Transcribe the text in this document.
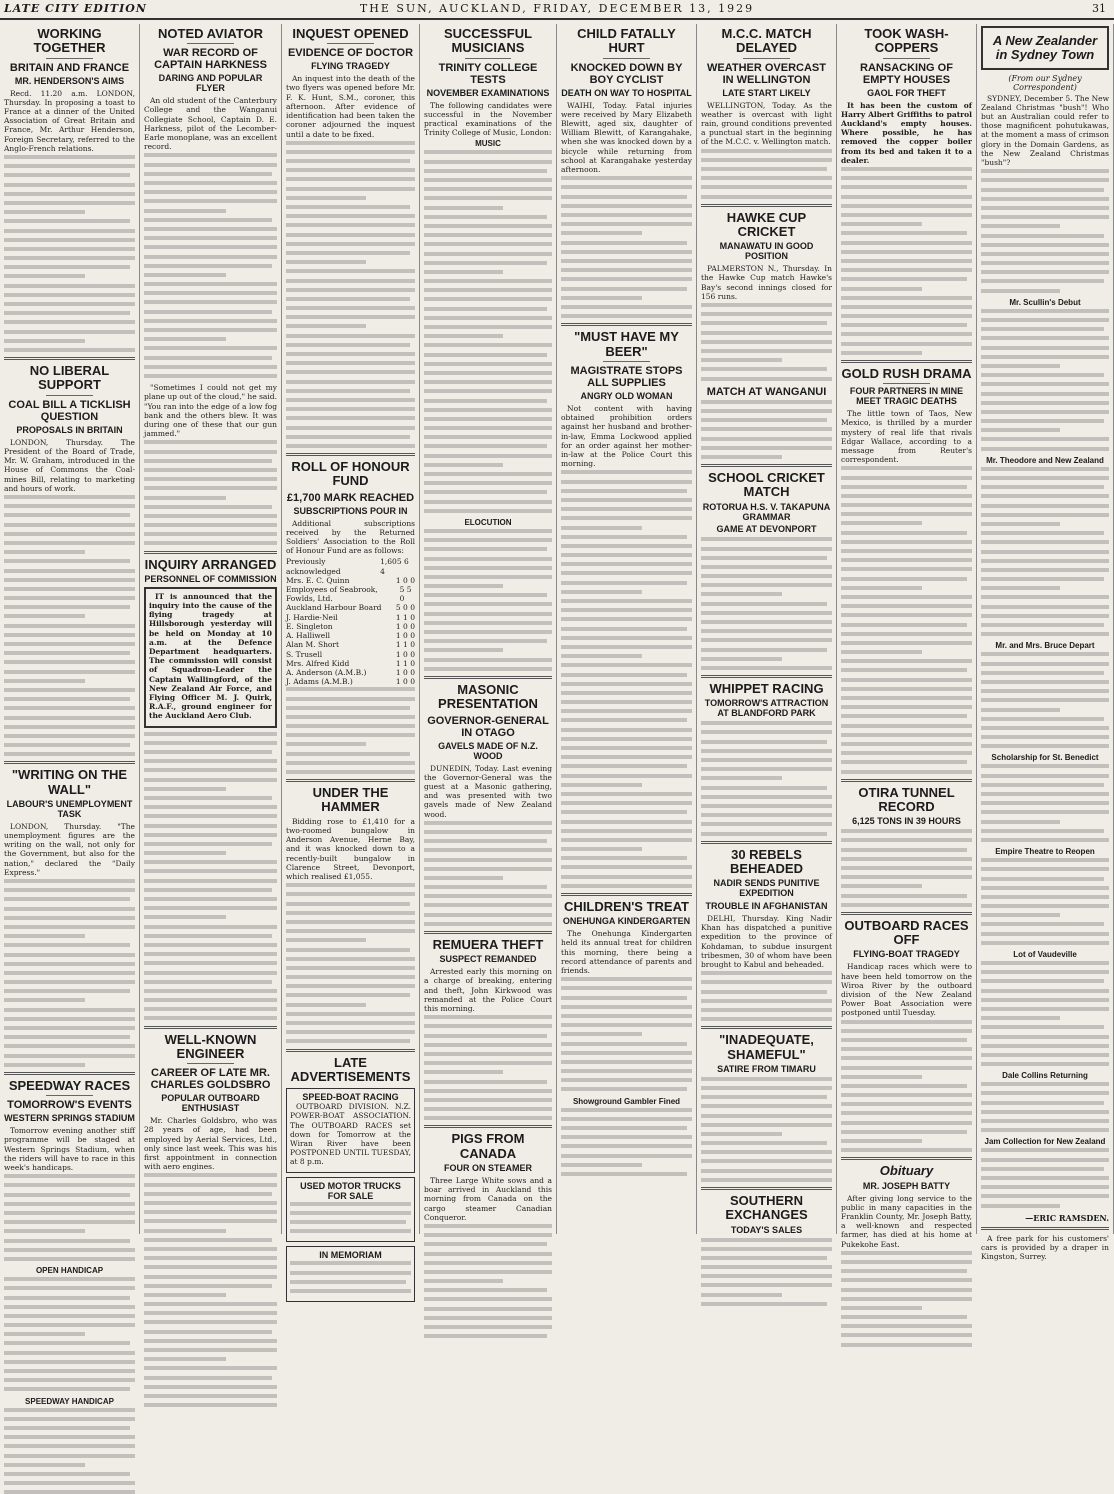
LATE CITY EDITION	THE SUN, AUCKLAND, FRIDAY, DECEMBER 13, 1929	31
WORKING TOGETHER
BRITAIN AND FRANCE
MR. HENDERSON'S AIMS

Recd. 11.20 a.m. LONDON, Thursday. In proposing a toast to France at a dinner of the United Association of Great Britain and France, Mr. Arthur Henderson, Foreign Secretary, referred to the Anglo-French relations.

NO LIBERAL SUPPORT
COAL BILL A TICKLISH QUESTION
PROPOSALS IN BRITAIN

LONDON, Thursday. The President of the Board of Trade, Mr. W. Graham, introduced in the House of Commons the Coal-mines Bill, relating to marketing and hours of work.

"WRITING ON THE WALL"
LABOUR'S UNEMPLOYMENT TASK

LONDON, Thursday. "The unemployment figures are the writing on the wall, not only for the Government, but also for the nation," declared the "Daily Express."

SPEEDWAY RACES
TOMORROW'S EVENTS
WESTERN SPRINGS STADIUM

Tomorrow evening another stiff programme will be staged at Western Springs Stadium, when the riders will have to race in this week's handicaps.

OPEN HANDICAP
SPEEDWAY HANDICAP
NOTED AVIATOR
WAR RECORD OF CAPTAIN HARKNESS
DARING AND POPULAR FLYER

An old student of the Canterbury College and the Wanganui Collegiate School, Captain D. E. Harkness, pilot of the Lecomber-Earle monoplane, was an excellent record.

"Sometimes I could not get my plane up out of the cloud," he said. "You ran into the edge of a low fog bank and the others blew. It was during one of these that our gun jammed."

INQUIRY ARRANGED
PERSONNEL OF COMMISSION

IT is announced that the inquiry into the cause of the flying tragedy at Hillsborough yesterday will be held on Monday at 10 a.m. at the Defence Department headquarters. The commission will consist of Squadron-Leader the Captain Wallingford, of the New Zealand Air Force, and Flying Officer M. J. Quirk, R.A.F., ground engineer for the Auckland Aero Club.

WELL-KNOWN ENGINEER
CAREER OF LATE MR. CHARLES GOLDSBRO
POPULAR OUTBOARD ENTHUSIAST

Mr. Charles Goldsbro, who was 28 years of age, had been employed by Aerial Services, Ltd., only since last week. This was his first appointment in connection with aero engines.

INQUEST OPENED
EVIDENCE OF DOCTOR
FLYING TRAGEDY

An inquest into the death of the two flyers was opened before Mr. F. K. Hunt, S.M., coroner, this afternoon. After evidence of identification had been taken the coroner adjourned the inquest until a date to be fixed.

ROLL OF HONOUR FUND
£1,700 MARK REACHED
SUBSCRIPTIONS POUR IN

Additional subscriptions received by the Returned Soldiers' Association to the Roll of Honour Fund are as follows:

Previously acknowledged
1,605 6 4
Mrs. E. C. Quinn	1 0 0
Employees of Seabrook, Fowlds, Ltd.
5 5 0
Auckland Harbour Board 5 0 0
J. Hardie-Neil	1 1 0
E. Singleton	1 0 0
A. Halliwell	1 0 0
Alan M. Short	1 1 0
S. Trusell	1 0 0
Mrs. Alfred Kidd	1 1 0
A. Anderson (A.M.B.)	1 0 0
J. Adams (A.M.B.)	1 0 0
UNDER THE HAMMER

Bidding rose to £1,410 for a two-roomed bungalow in Anderson Avenue, Herne Bay, and it was knocked down to a recently-built bungalow in Clarence Street, Devonport, which realised £1,055.

LATE ADVERTISEMENTS
SPEED-BOAT RACING

OUTBOARD DIVISION. N.Z. POWER-BOAT ASSOCIATION. The OUTBOARD RACES set down for Tomorrow at the Wiran River have been POSTPONED UNTIL TUESDAY, at 8 p.m.

USED MOTOR TRUCKS FOR SALE
IN MEMORIAM
SUCCESSFUL MUSICIANS
TRINITY COLLEGE TESTS
NOVEMBER EXAMINATIONS

The following candidates were successful in the November practical examinations of the Trinity College of Music, London:

MUSIC
ELOCUTION
MASONIC PRESENTATION
GOVERNOR-GENERAL IN OTAGO
GAVELS MADE OF N.Z. WOOD

DUNEDIN, Today. Last evening the Governor-General was the guest at a Masonic gathering, and was presented with two gavels made of New Zealand wood.

REMUERA THEFT
SUSPECT REMANDED

Arrested early this morning on a charge of breaking, entering and theft, John Kirkwood was remanded at the Police Court this morning.

PIGS FROM CANADA
FOUR ON STEAMER

Three Large White sows and a boar arrived in Auckland this morning from Canada on the cargo steamer Canadian Conqueror.

CHILD FATALLY HURT
KNOCKED DOWN BY BOY CYCLIST
DEATH ON WAY TO HOSPITAL

WAIHI, Today. Fatal injuries were received by Mary Elizabeth Blewitt, aged six, daughter of William Blewitt, of Karangahake, when she was knocked down by a bicycle while returning from school at Karangahake yesterday afternoon.

"MUST HAVE MY BEER"
MAGISTRATE STOPS ALL SUPPLIES
ANGRY OLD WOMAN

Not content with having obtained prohibition orders against her husband and brother-in-law, Emma Lockwood applied for an order against her mother-in-law at the Police Court this morning.

CHILDREN'S TREAT
ONEHUNGA KINDERGARTEN

The Onehunga Kindergarten held its annual treat for children this morning, there being a record attendance of parents and friends.

Showground Gambler Fined
M.C.C. MATCH DELAYED
WEATHER OVERCAST IN WELLINGTON
LATE START LIKELY

WELLINGTON, Today. As the weather is overcast with light rain, ground conditions prevented a punctual start in the beginning of the M.C.C. v. Wellington match.

HAWKE CUP CRICKET
MANAWATU IN GOOD POSITION

PALMERSTON N., Thursday. In the Hawke Cup match Hawke's Bay's second innings closed for 156 runs.

MATCH AT WANGANUI
SCHOOL CRICKET MATCH
ROTORUA H.S. V. TAKAPUNA GRAMMAR
GAME AT DEVONPORT
WHIPPET RACING
TOMORROW'S ATTRACTION AT BLANDFORD PARK
30 REBELS BEHEADED
NADIR SENDS PUNITIVE EXPEDITION
TROUBLE IN AFGHANISTAN

DELHI, Thursday. King Nadir Khan has dispatched a punitive expedition to the province of Kohdaman, to subdue insurgent tribesmen, 30 of whom have been brought to Kabul and beheaded.

"INADEQUATE, SHAMEFUL"
SATIRE FROM TIMARU
SOUTHERN EXCHANGES
TODAY'S SALES
TOOK WASH-COPPERS
RANSACKING OF EMPTY HOUSES
GAOL FOR THEFT

It has been the custom of Harry Albert Griffiths to patrol Auckland's empty houses. Where possible, he has removed the copper boiler from its bed and taken it to a dealer.

GOLD RUSH DRAMA
FOUR PARTNERS IN MINE MEET TRAGIC DEATHS

The little town of Taos, New Mexico, is thrilled by a murder mystery of real life that rivals Edgar Wallace, according to a message from Reuter's correspondent.

OTIRA TUNNEL RECORD
6,125 TONS IN 39 HOURS
OUTBOARD RACES OFF
FLYING-BOAT TRAGEDY

Handicap races which were to have been held tomorrow on the Wiroa River by the outboard division of the New Zealand Power Boat Association were postponed until Tuesday.

Obituary
MR. JOSEPH BATTY

After giving long service to the public in many capacities in the Franklin County, Mr. Joseph Batty, a well-known and respected farmer, has died at his home at Pukekohe East.

A New Zealander in Sydney Town
(From our Sydney Correspondent)

SYDNEY, December 5. The New Zealand Christmas "bush"! Who but an Australian could refer to those magnificent pohutukawas, at the moment a mass of crimson glory in the Domain Gardens, as the New Zealand Christmas "bush"?

Mr. Scullin's Debut
Mr. Theodore and New Zealand
Mr. and Mrs. Bruce Depart
Scholarship for St. Benedict
Empire Theatre to Reopen
Lot of Vaudeville
Dale Collins Returning
Jam Collection for New Zealand
—ERIC RAMSDEN.

A free park for his customers' cars is provided by a draper in Kingston, Surrey.
